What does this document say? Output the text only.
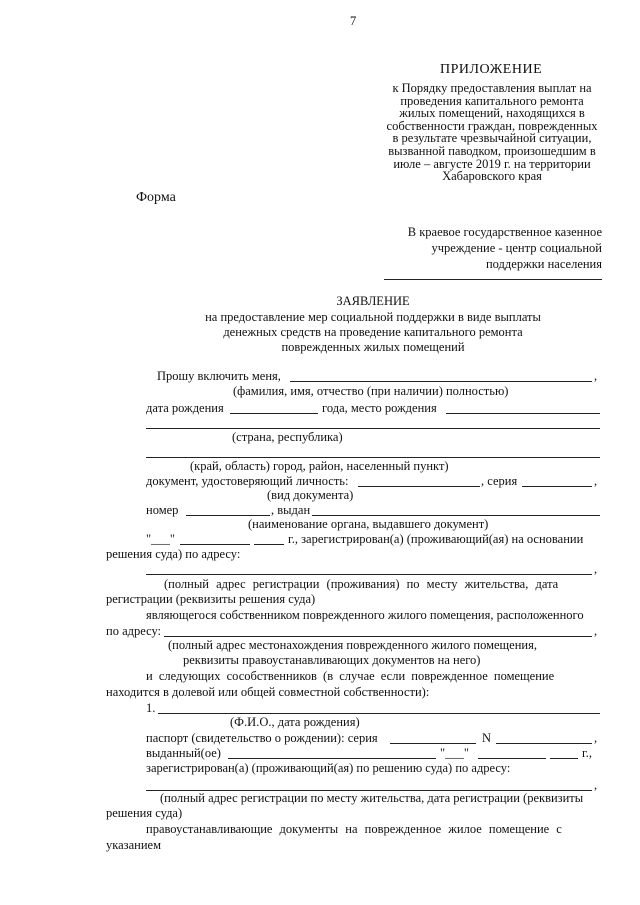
7
ПРИЛОЖЕНИЕ
к Порядку предоставления выплат на
проведения капитального ремонта
жилых помещений, находящихся в
собственности граждан, поврежденных
в результате чрезвычайной ситуации,
вызванной паводком, произошедшим в
июле – августе 2019 г. на территории
Хабаровского края
Форма
В краевое государственное казенное
учреждение - центр социальной
поддержки населения
ЗАЯВЛЕНИЕ
на предоставление мер социальной поддержки в виде выплаты
денежных средств на проведение капитального ремонта
поврежденных жилых помещений
Прошу включить меня,	,
(фамилия, имя, отчество (при наличии) полностью)
дата рождения	года, место рождения
(страна, республика)
(край, область) город, район, населенный пункт)
документ, удостоверяющий личность:	, серия	,
(вид документа)
номер	, выдан
(наименование органа, выдавшего документ)
"___"	г., зарегистрирован(а) (проживающий(ая) на основании
решения суда) по адресу:
,
(полный адрес регистрации (проживания) по месту жительства, дата
регистрации (реквизиты решения суда)
являющегося собственником поврежденного жилого помещения, расположенного
по адресу:	,
(полный адрес местонахождения поврежденного жилого помещения,
реквизиты правоустанавливающих документов на него)
и следующих сособственников (в случае если поврежденное помещение
находится в долевой или общей совместной собственности):
1.
(Ф.И.О., дата рождения)
паспорт (свидетельство о рождении): серия	N	,
выданный(ое)	"___"	г.,
зарегистрирован(а) (проживающий(ая) по решению суда) по адресу:
,
(полный адрес регистрации по месту жительства, дата регистрации (реквизиты
решения суда)
правоустанавливающие документы на поврежденное жилое помещение с
указанием
